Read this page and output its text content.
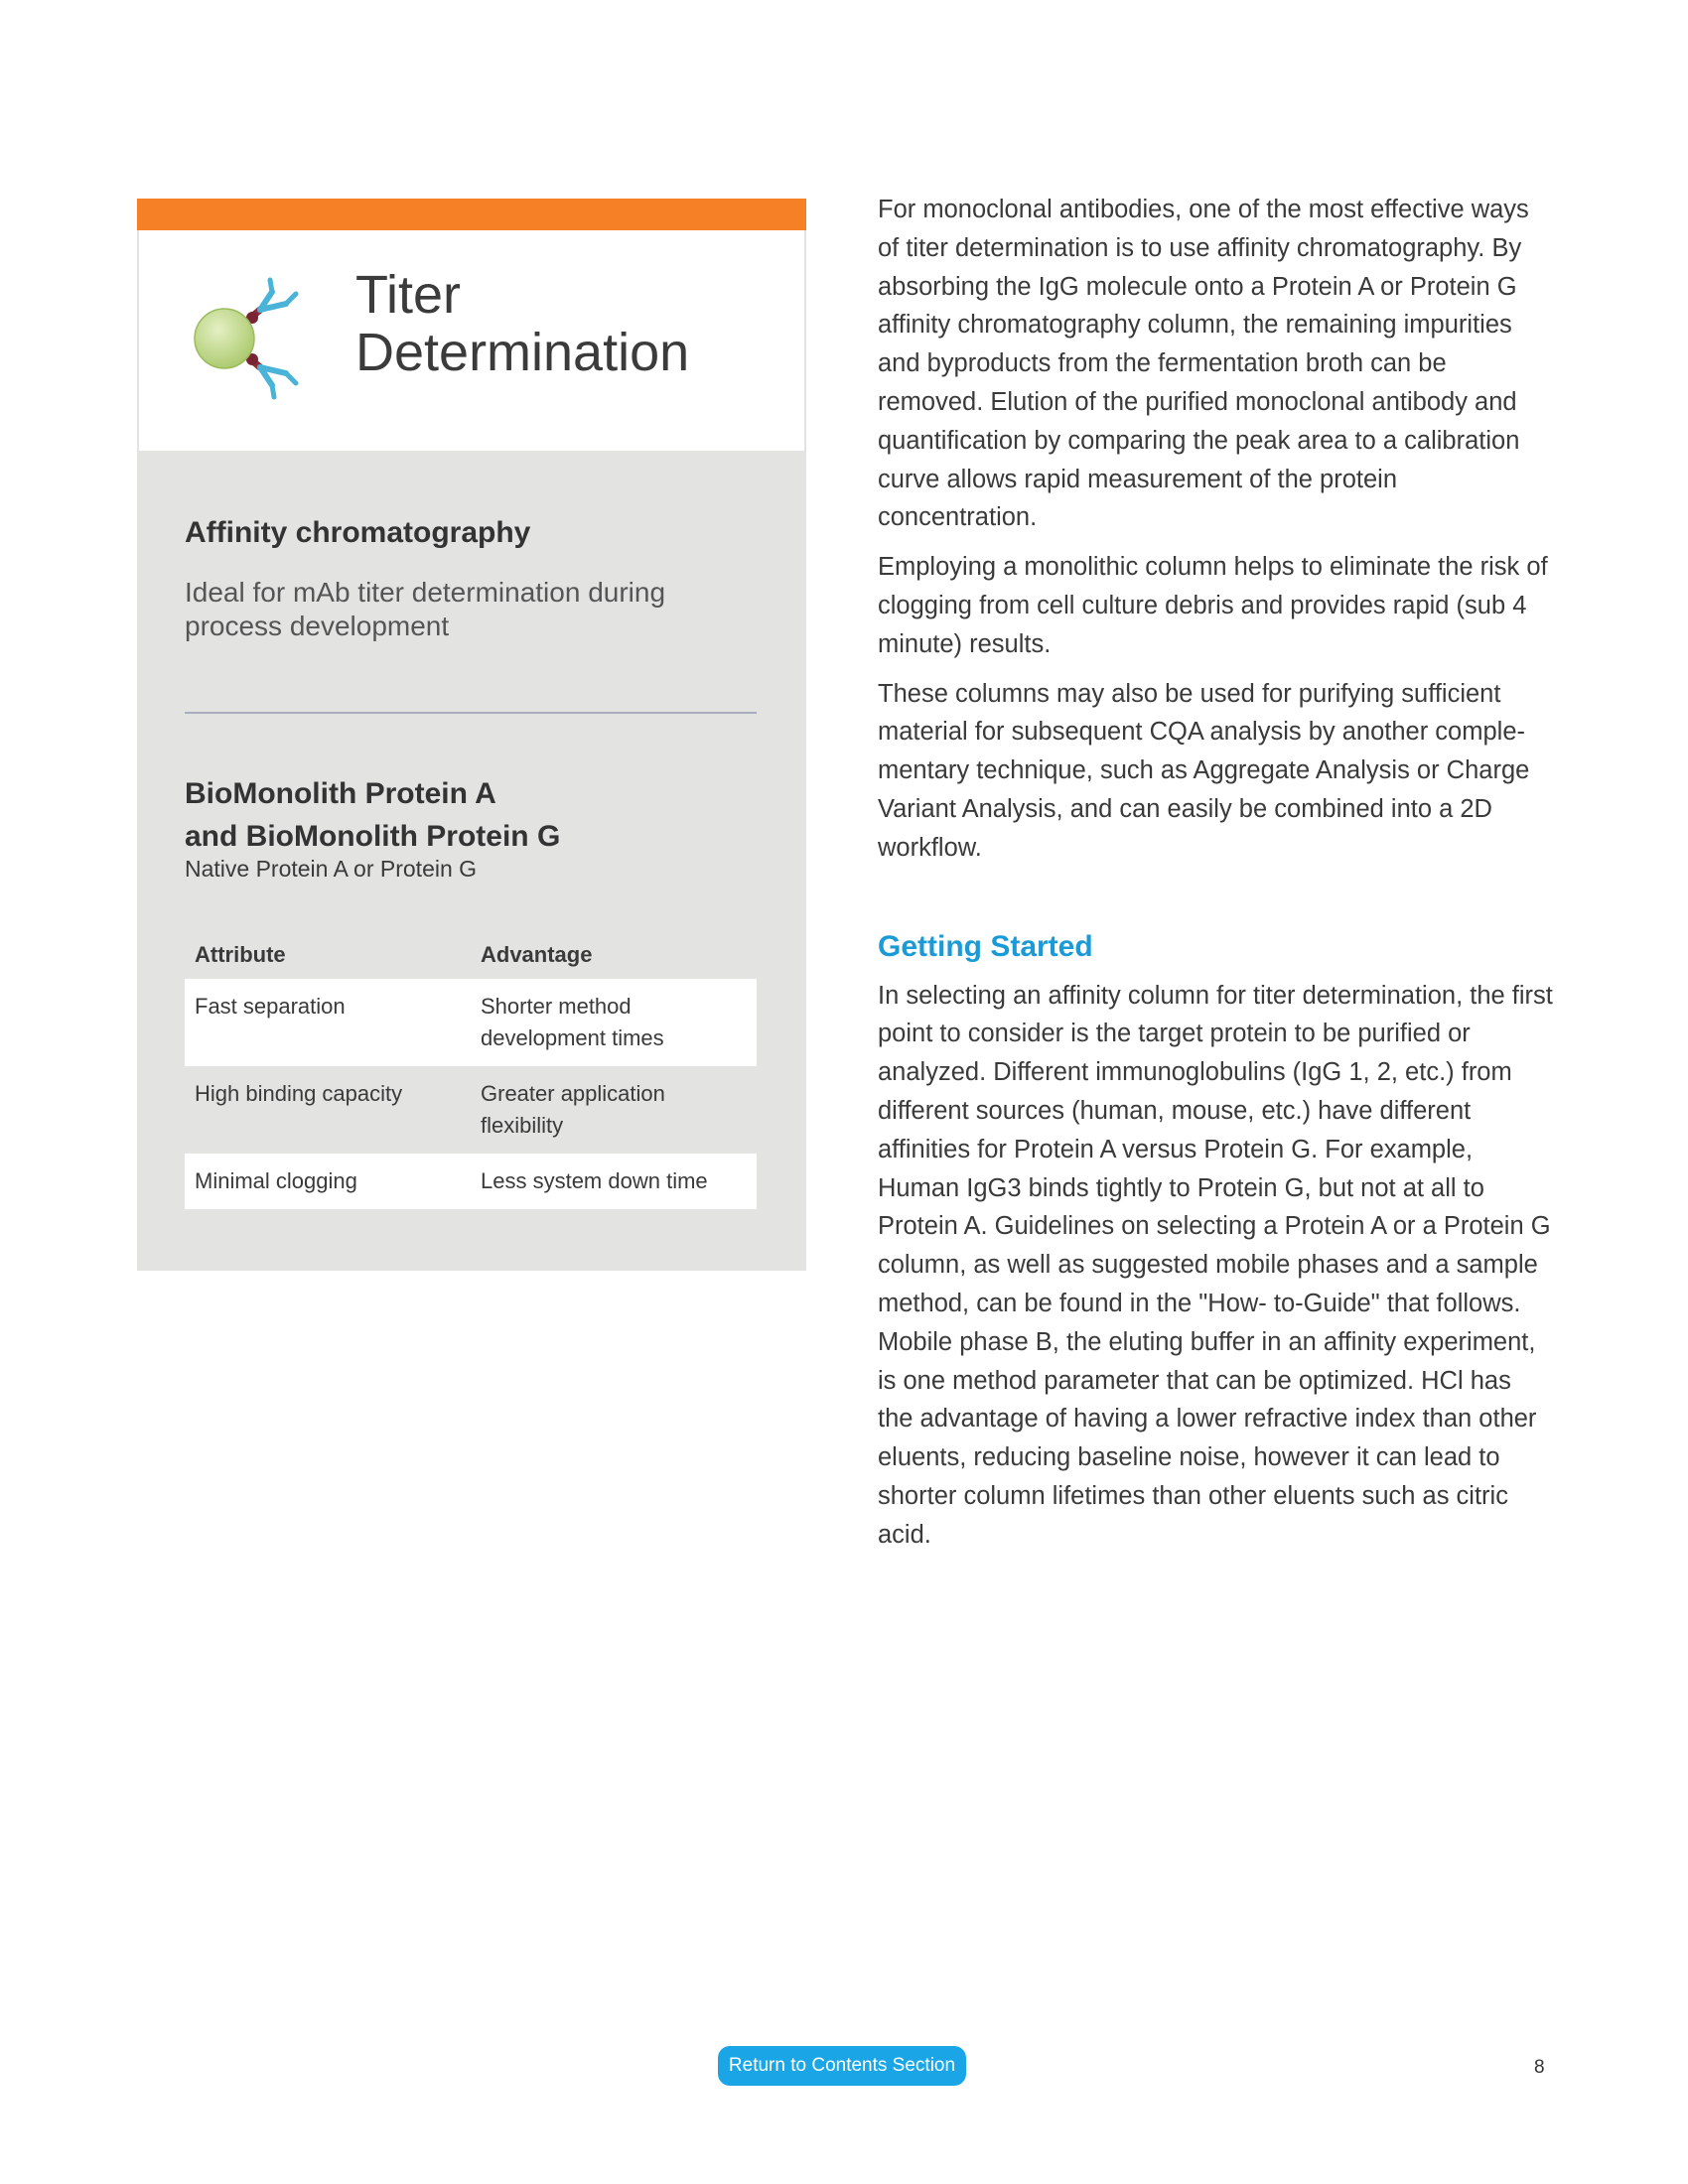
Titer
Determination
Affinity chromatography
Ideal for mAb titer determination during process development
BioMonolith Protein A
and BioMonolith Protein G
Native Protein A or Protein G
Attribute	Advantage
Fast separation	Shorter method development times
High binding capacity	Greater application flexibility
Minimal clogging	Less system down time

For monoclonal antibodies, one of the most effective ways of titer determination is to use affinity chromatography. By absorbing the IgG molecule onto a Protein A or Protein G affinity chromatography column, the remaining impurities and byproducts from the fermentation broth can be removed. Elution of the purified monoclonal antibody and quantification by comparing the peak area to a calibration curve allows rapid measurement of the protein concentration.

Employing a monolithic column helps to eliminate the risk of clogging from cell culture debris and provides rapid (sub 4 minute) results.

These columns may also be used for purifying sufficient material for subsequent CQA analysis by another comple- mentary technique, such as Aggregate Analysis or Charge Variant Analysis, and can easily be combined into a 2D workflow.

Getting Started

In selecting an affinity column for titer determination, the first point to consider is the target protein to be purified or analyzed. Different immunoglobulins (IgG 1, 2, etc.) from different sources (human, mouse, etc.) have different affinities for Protein A versus Protein G. For example, Human IgG3 binds tightly to Protein G, but not at all to Protein A. Guidelines on selecting a Protein A or a Protein G column, as well as suggested mobile phases and a sample method, can be found in the "How- to-Guide" that follows. Mobile phase B, the eluting buffer in an affinity experiment, is one method parameter that can be optimized. HCl has the advantage of having a lower refractive index than other eluents, reducing baseline noise, however it can lead to shorter column lifetimes than other eluents such as citric acid.

Return to Contents Section	8
